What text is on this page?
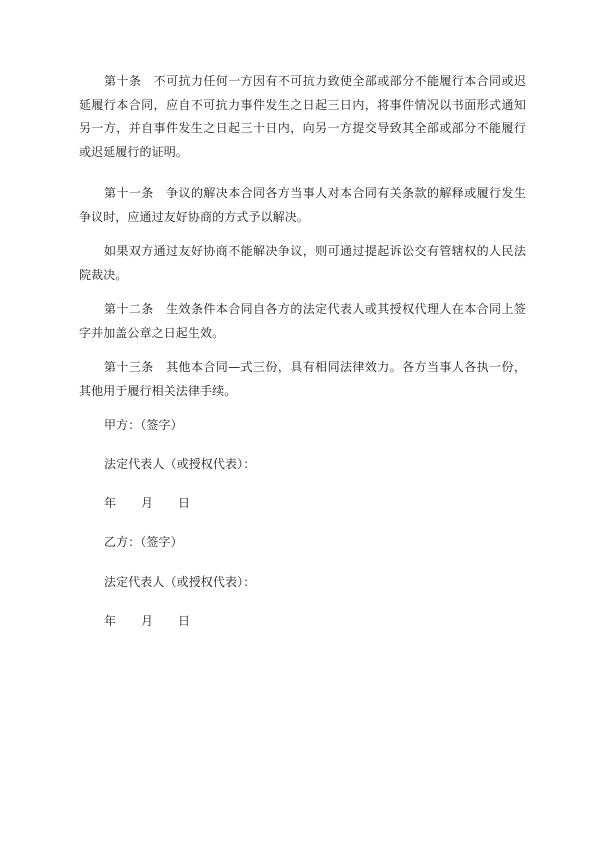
第十条　不可抗力任何一方因有不可抗力致使全部或部分不能履行本合同或迟延履行本合同，应自不可抗力事件发生之日起三日内，将事件情况以书面形式通知另一方，并自事件发生之日起三十日内，向另一方提交导致其全部或部分不能履行或迟延履行的证明。

第十一条　争议的解决本合同各方当事人对本合同有关条款的解释或履行发生争议时，应通过友好协商的方式予以解决。

如果双方通过友好协商不能解决争议，则可通过提起诉讼交有管辖权的人民法院裁决。

第十二条　生效条件本合同自各方的法定代表人或其授权代理人在本合同上签字并加盖公章之日起生效。

第十三条　其他本合同—式三份，具有相同法律效力。各方当事人各执一份，其他用于履行相关法律手续。

甲方：（签字）

法定代表人（或授权代表）：

年 月 日

乙方：（签字）

法定代表人（或授权代表）：

年 月 日
